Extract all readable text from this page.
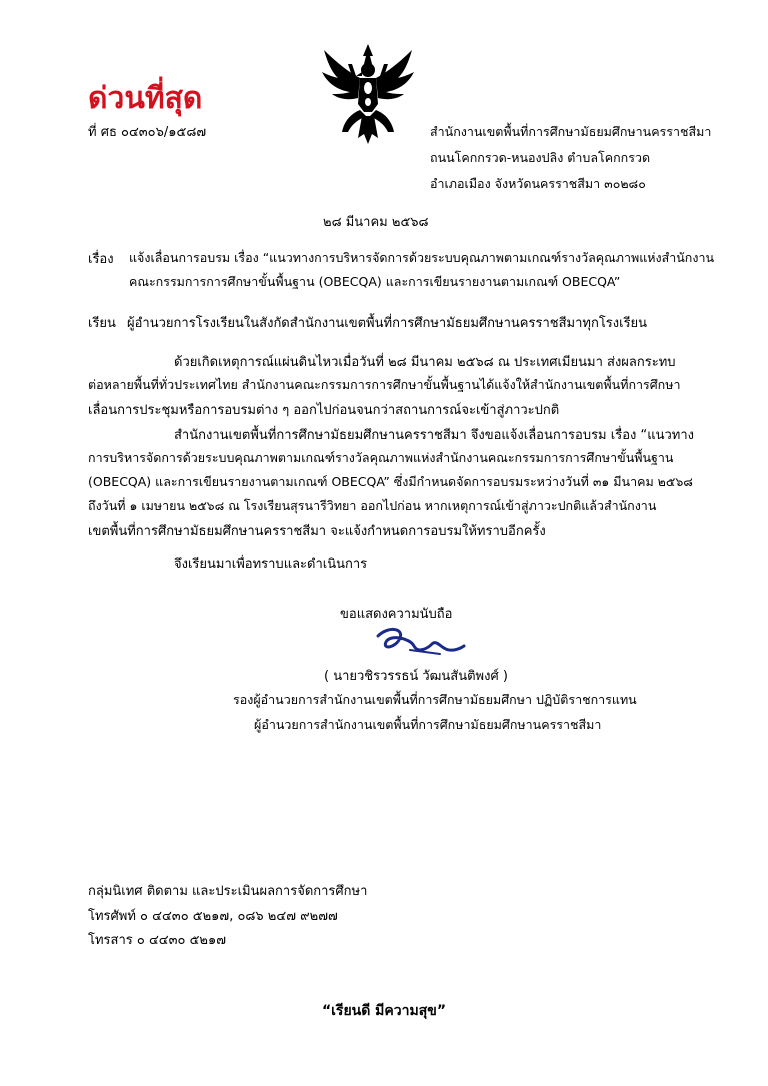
ด่วนที่สุด
ที่ ศธ ๐๔๓๐๖/๑๕๘๗	สำนักงานเขตพื้นที่การศึกษามัธยมศึกษานครราชสีมา
ถนนโคกกรวด-หนองปลิง ตำบลโคกกรวด
อำเภอเมือง จังหวัดนครราชสีมา ๓๐๒๘๐
๒๘ มีนาคม ๒๕๖๘
เรื่อง แจ้งเลื่อนการอบรม เรื่อง “แนวทางการบริหารจัดการด้วยระบบคุณภาพตามเกณฑ์รางวัลคุณภาพแห่งสำนักงาน
คณะกรรมการการศึกษาขั้นพื้นฐาน (OBECQA) และการเขียนรายงานตามเกณฑ์ OBECQA”
เรียน ผู้อำนวยการโรงเรียนในสังกัดสำนักงานเขตพื้นที่การศึกษามัธยมศึกษานครราชสีมาทุกโรงเรียน
ด้วยเกิดเหตุการณ์แผ่นดินไหวเมื่อวันที่ ๒๘ มีนาคม ๒๕๖๘ ณ ประเทศเมียนมา ส่งผลกระทบ
ต่อหลายพื้นที่ทั่วประเทศไทย สำนักงานคณะกรรมการการศึกษาขั้นพื้นฐานได้แจ้งให้สำนักงานเขตพื้นที่การศึกษา
เลื่อนการประชุมหรือการอบรมต่าง ๆ ออกไปก่อนจนกว่าสถานการณ์จะเข้าสู่ภาวะปกติ
สำนักงานเขตพื้นที่การศึกษามัธยมศึกษานครราชสีมา จึงขอแจ้งเลื่อนการอบรม เรื่อง “แนวทาง
การบริหารจัดการด้วยระบบคุณภาพตามเกณฑ์รางวัลคุณภาพแห่งสำนักงานคณะกรรมการการศึกษาขั้นพื้นฐาน
(OBECQA) และการเขียนรายงานตามเกณฑ์ OBECQA” ซึ่งมีกำหนดจัดการอบรมระหว่างวันที่ ๓๑ มีนาคม ๒๕๖๘
ถึงวันที่ ๑ เมษายน ๒๕๖๘ ณ โรงเรียนสุรนารีวิทยา ออกไปก่อน หากเหตุการณ์เข้าสู่ภาวะปกติแล้วสำนักงาน
เขตพื้นที่การศึกษามัธยมศึกษานครราชสีมา จะแจ้งกำหนดการอบรมให้ทราบอีกครั้ง
จึงเรียนมาเพื่อทราบและดำเนินการ
ขอแสดงความนับถือ
( นายวชิรวรรธน์ วัฒนสันติพงศ์ )
รองผู้อำนวยการสำนักงานเขตพื้นที่การศึกษามัธยมศึกษา ปฏิบัติราชการแทน
ผู้อำนวยการสำนักงานเขตพื้นที่การศึกษามัธยมศึกษานครราชสีมา
กลุ่มนิเทศ ติดตาม และประเมินผลการจัดการศึกษา
โทรศัพท์ ๐ ๔๔๓๐ ๕๒๑๗, ๐๘๖ ๒๔๗ ๙๒๗๗
โทรสาร ๐ ๔๔๓๐ ๕๒๑๗
“เรียนดี มีความสุข”
